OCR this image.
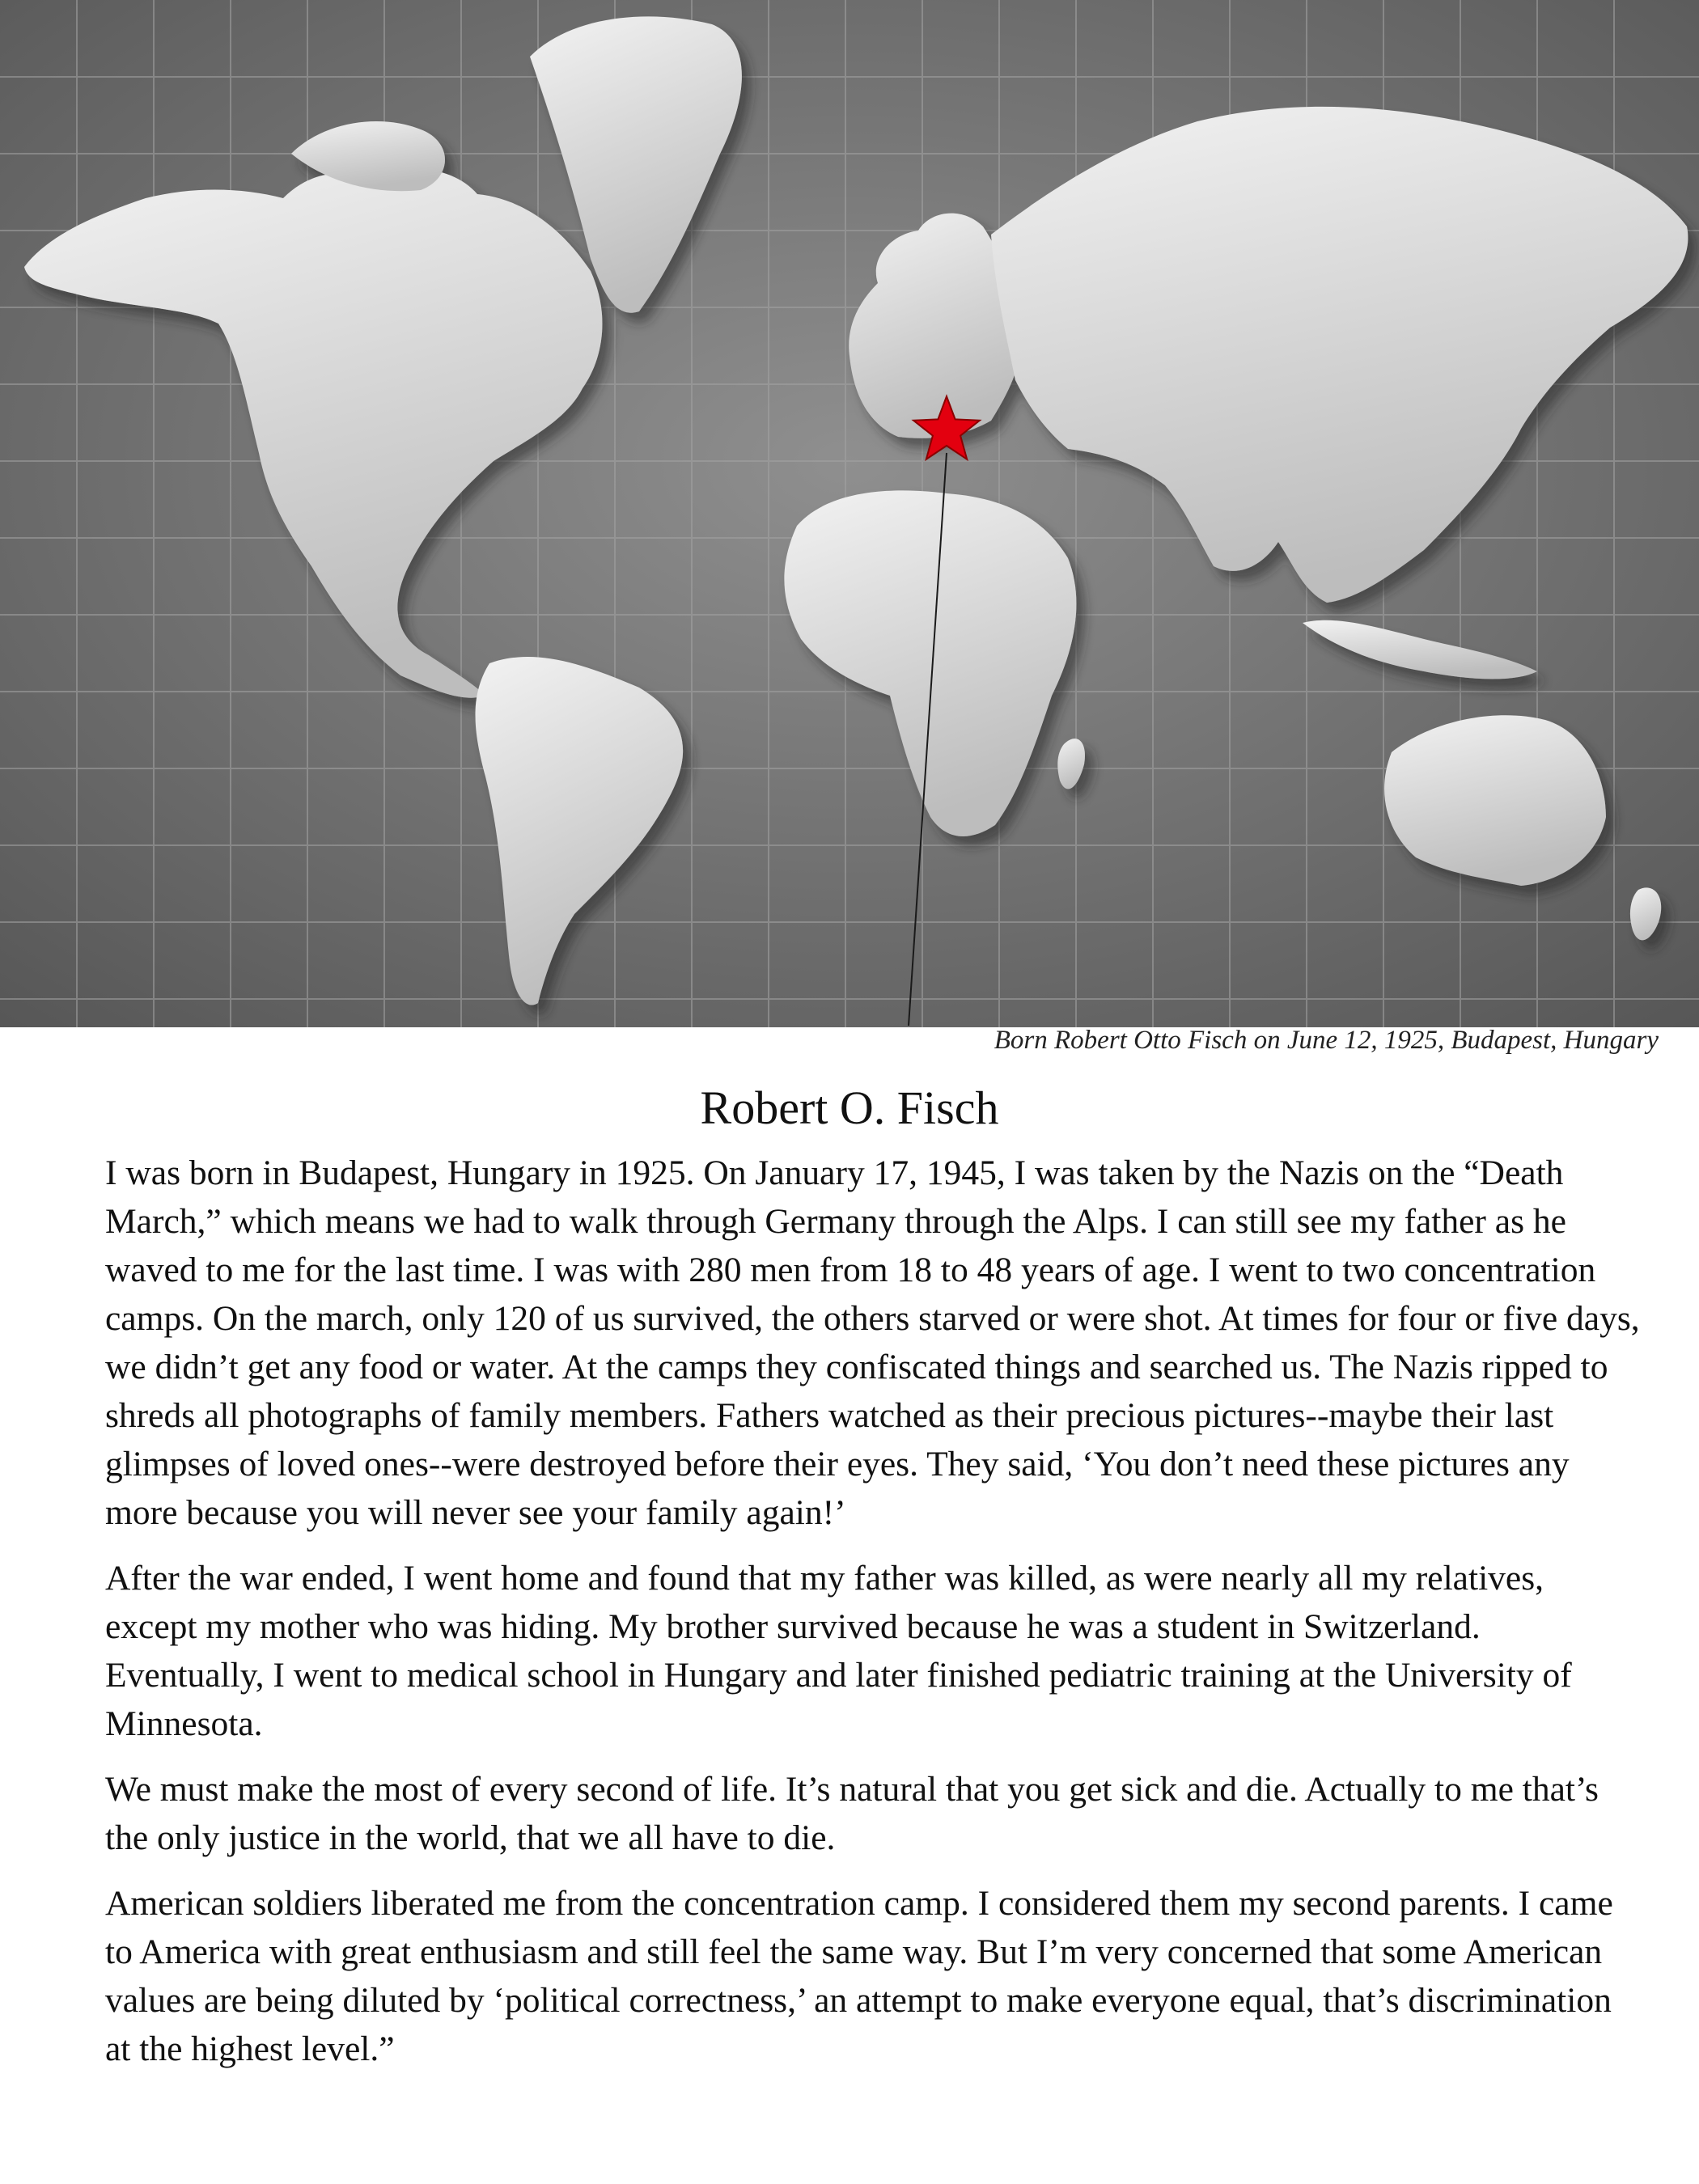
Born Robert Otto Fisch on June 12, 1925, Budapest, Hungary
Robert O. Fisch

I was born in Budapest, Hungary in 1925. On January 17, 1945, I was taken by the Nazis on the “Death March,” which means we had to walk through Germany through the Alps. I can still see my father as he waved to me for the last time. I was with 280 men from 18 to 48 years of age. I went to two concentration camps. On the march, only 120 of us survived, the others starved or were shot. At times for four or five days, we didn’t get any food or water. At the camps they confiscated things and searched us. The Nazis ripped to shreds all photographs of family members. Fathers watched as their precious pictures--maybe their last glimpses of loved ones--were destroyed before their eyes. They said, ‘You don’t need these pictures any more because you will never see your family again!’

After the war ended, I went home and found that my father was killed, as were nearly all my relatives, except my mother who was hiding. My brother survived because he was a student in Switzerland. Eventually, I went to medical school in Hungary and later finished pediatric training at the University of Minnesota.

We must make the most of every second of life. It’s natural that you get sick and die. Actually to me that’s the only justice in the world, that we all have to die.

American soldiers liberated me from the concentration camp. I considered them my second parents. I came to America with great enthusiasm and still feel the same way. But I’m very concerned that some American values are being diluted by ‘political correctness,’ an attempt to make everyone equal, that’s discrimination at the highest level.”
